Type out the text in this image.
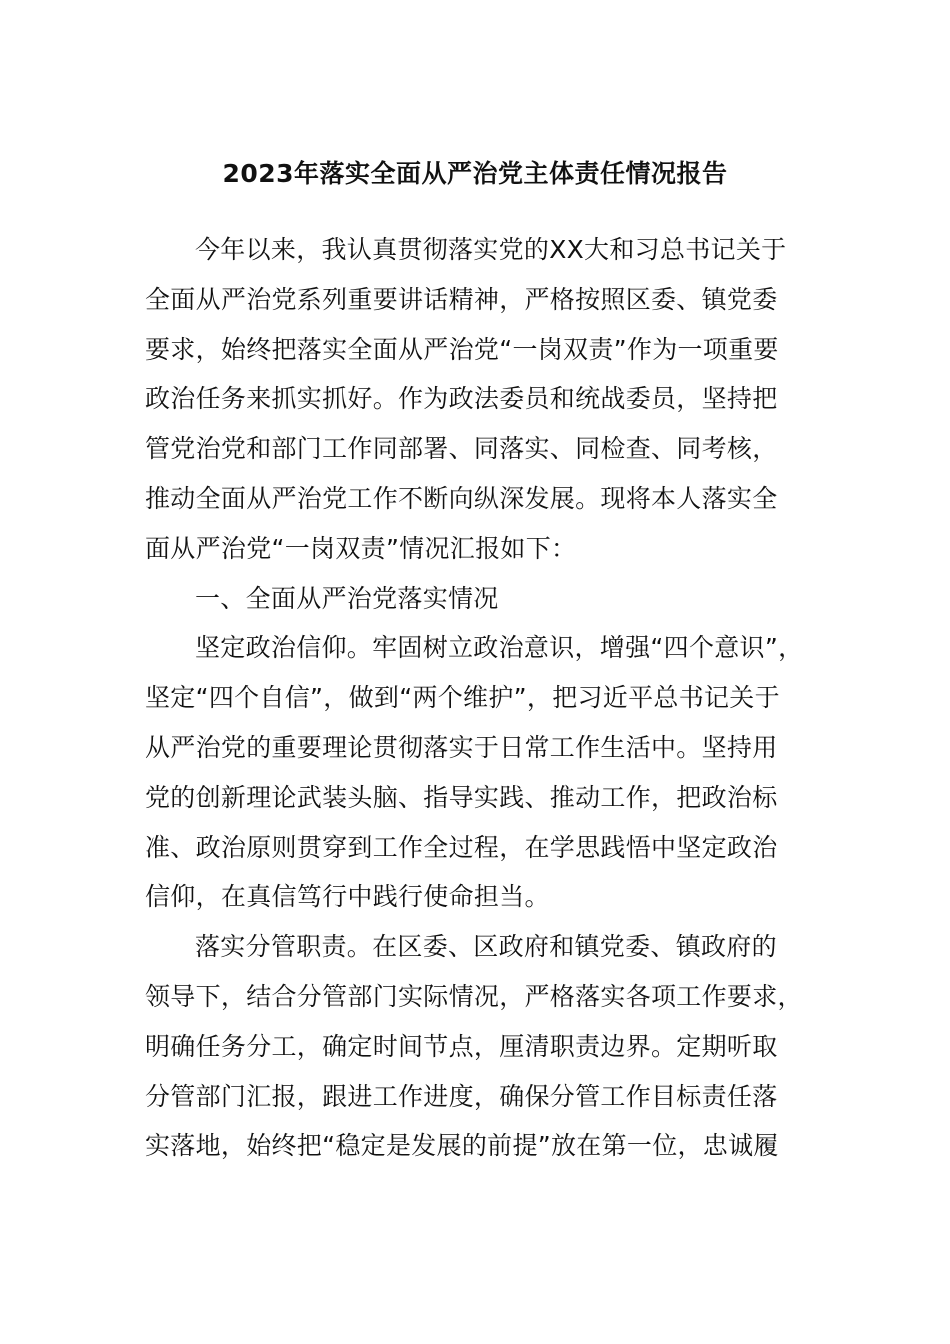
2023年落实全面从严治党主体责任情况报告

今年以来，我认真贯彻落实党的XX大和习总书记关于
全面从严治党系列重要讲话精神，严格按照区委、镇党委
要求，始终把落实全面从严治党“一岗双责”作为一项重要
政治任务来抓实抓好。作为政法委员和统战委员，坚持把
管党治党和部门工作同部署、同落实、同检查、同考核，
推动全面从严治党工作不断向纵深发展。现将本人落实全
面从严治党“一岗双责”情况汇报如下：

一、全面从严治党落实情况

坚定政治信仰。牢固树立政治意识，增强“四个意识”，
坚定“四个自信”，做到“两个维护”，把习近平总书记关于
从严治党的重要理论贯彻落实于日常工作生活中。坚持用
党的创新理论武装头脑、指导实践、推动工作，把政治标
准、政治原则贯穿到工作全过程，在学思践悟中坚定政治
信仰，在真信笃行中践行使命担当。

落实分管职责。在区委、区政府和镇党委、镇政府的
领导下，结合分管部门实际情况，严格落实各项工作要求，
明确任务分工，确定时间节点，厘清职责边界。定期听取
分管部门汇报，跟进工作进度，确保分管工作目标责任落
实落地，始终把“稳定是发展的前提”放在第一位，忠诚履
